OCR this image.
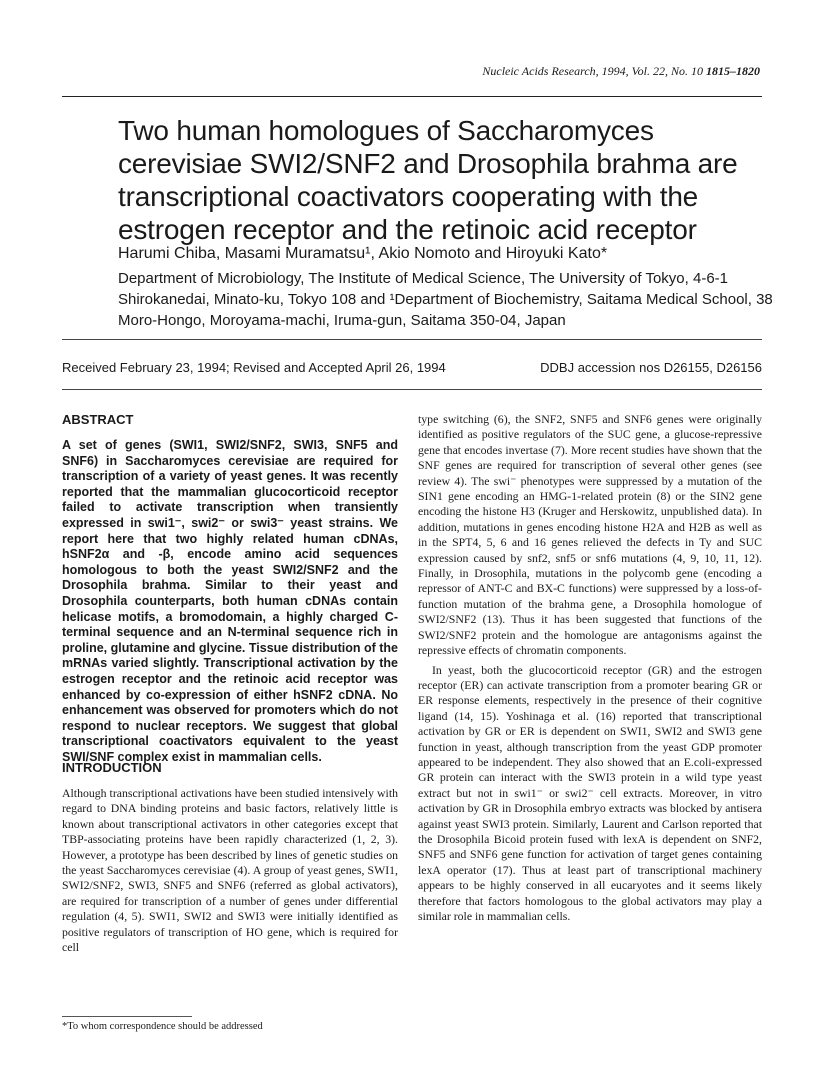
Nucleic Acids Research, 1994, Vol. 22, No. 10 1815–1820
Two human homologues of Saccharomyces cerevisiae SWI2/SNF2 and Drosophila brahma are transcriptional coactivators cooperating with the estrogen receptor and the retinoic acid receptor
Harumi Chiba, Masami Muramatsu¹, Akio Nomoto and Hiroyuki Kato*
Department of Microbiology, The Institute of Medical Science, The University of Tokyo, 4-6-1 Shirokanedai, Minato-ku, Tokyo 108 and ¹Department of Biochemistry, Saitama Medical School, 38 Moro-Hongo, Moroyama-machi, Iruma-gun, Saitama 350-04, Japan
Received February 23, 1994; Revised and Accepted April 26, 1994	DDBJ accession nos D26155, D26156
ABSTRACT

A set of genes (SWI1, SWI2/SNF2, SWI3, SNF5 and SNF6) in Saccharomyces cerevisiae are required for transcription of a variety of yeast genes. It was recently reported that the mammalian glucocorticoid receptor failed to activate transcription when transiently expressed in swi1⁻, swi2⁻ or swi3⁻ yeast strains. We report here that two highly related human cDNAs, hSNF2α and -β, encode amino acid sequences homologous to both the yeast SWI2/SNF2 and the Drosophila brahma. Similar to their yeast and Drosophila counterparts, both human cDNAs contain helicase motifs, a bromodomain, a highly charged C-terminal sequence and an N-terminal sequence rich in proline, glutamine and glycine. Tissue distribution of the mRNAs varied slightly. Transcriptional activation by the estrogen receptor and the retinoic acid receptor was enhanced by co-expression of either hSNF2 cDNA. No enhancement was observed for promoters which do not respond to nuclear receptors. We suggest that global transcriptional coactivators equivalent to the yeast SWI/SNF complex exist in mammalian cells.

INTRODUCTION

Although transcriptional activations have been studied intensively with regard to DNA binding proteins and basic factors, relatively little is known about transcriptional activators in other categories except that TBP-associating proteins have been rapidly characterized (1, 2, 3). However, a prototype has been described by lines of genetic studies on the yeast Saccharomyces cerevisiae (4). A group of yeast genes, SWI1, SWI2/SNF2, SWI3, SNF5 and SNF6 (referred as global activators), are required for transcription of a number of genes under differential regulation (4, 5). SWI1, SWI2 and SWI3 were initially identified as positive regulators of transcription of HO gene, which is required for cell

type switching (6), the SNF2, SNF5 and SNF6 genes were originally identified as positive regulators of the SUC gene, a glucose-repressive gene that encodes invertase (7). More recent studies have shown that the SNF genes are required for transcription of several other genes (see review 4). The swi⁻ phenotypes were suppressed by a mutation of the SIN1 gene encoding an HMG-1-related protein (8) or the SIN2 gene encoding the histone H3 (Kruger and Herskowitz, unpublished data). In addition, mutations in genes encoding histone H2A and H2B as well as in the SPT4, 5, 6 and 16 genes relieved the defects in Ty and SUC expression caused by snf2, snf5 or snf6 mutations (4, 9, 10, 11, 12). Finally, in Drosophila, mutations in the polycomb gene (encoding a repressor of ANT-C and BX-C functions) were suppressed by a loss-of-function mutation of the brahma gene, a Drosophila homologue of SWI2/SNF2 (13). Thus it has been suggested that functions of the SWI2/SNF2 protein and the homologue are antagonisms against the repressive effects of chromatin components.

In yeast, both the glucocorticoid receptor (GR) and the estrogen receptor (ER) can activate transcription from a promoter bearing GR or ER response elements, respectively in the presence of their cognitive ligand (14, 15). Yoshinaga et al. (16) reported that transcriptional activation by GR or ER is dependent on SWI1, SWI2 and SWI3 gene function in yeast, although transcription from the yeast GDP promoter appeared to be independent. They also showed that an E.coli-expressed GR protein can interact with the SWI3 protein in a wild type yeast extract but not in swi1⁻ or swi2⁻ cell extracts. Moreover, in vitro activation by GR in Drosophila embryo extracts was blocked by antisera against yeast SWI3 protein. Similarly, Laurent and Carlson reported that the Drosophila Bicoid protein fused with lexA is dependent on SNF2, SNF5 and SNF6 gene function for activation of target genes containing lexA operator (17). Thus at least part of transcriptional machinery appears to be highly conserved in all eucaryotes and it seems likely therefore that factors homologous to the global activators may play a similar role in mammalian cells.

*To whom correspondence should be addressed
